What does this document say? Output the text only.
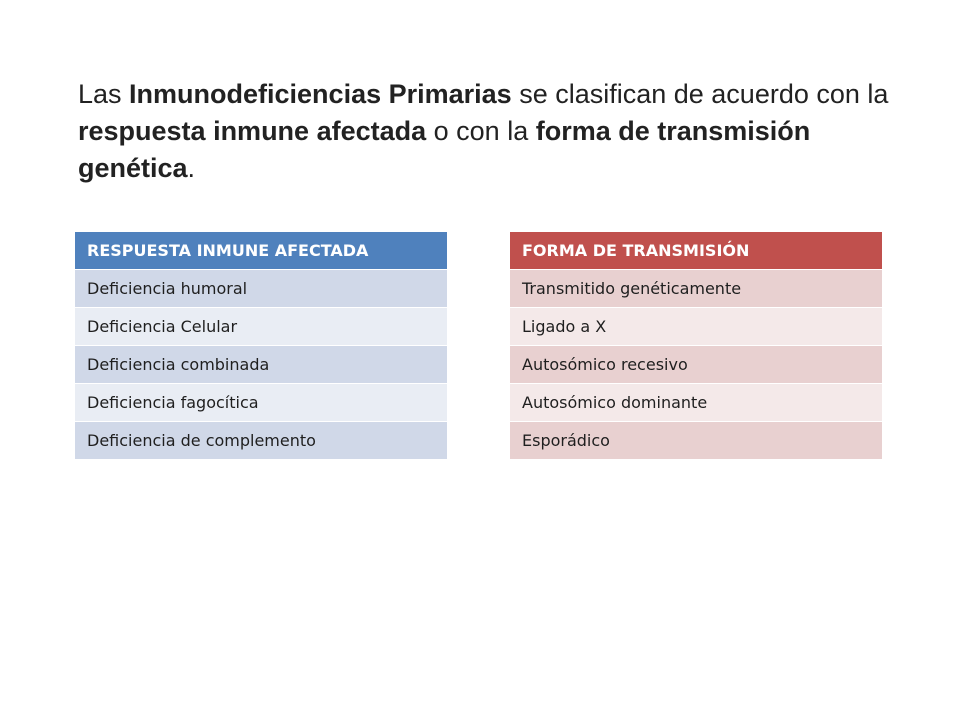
Las Inmunodeficiencias Primarias se clasifican de acuerdo con la respuesta inmune afectada o con la forma de transmisión genética.

RESPUESTA INMUNE AFECTADA
Deficiencia humoral
Deficiencia Celular
Deficiencia combinada
Deficiencia fagocítica
Deficiencia de complemento
FORMA DE TRANSMISIÓN
Transmitido genéticamente
Ligado a X
Autosómico recesivo
Autosómico dominante
Esporádico
